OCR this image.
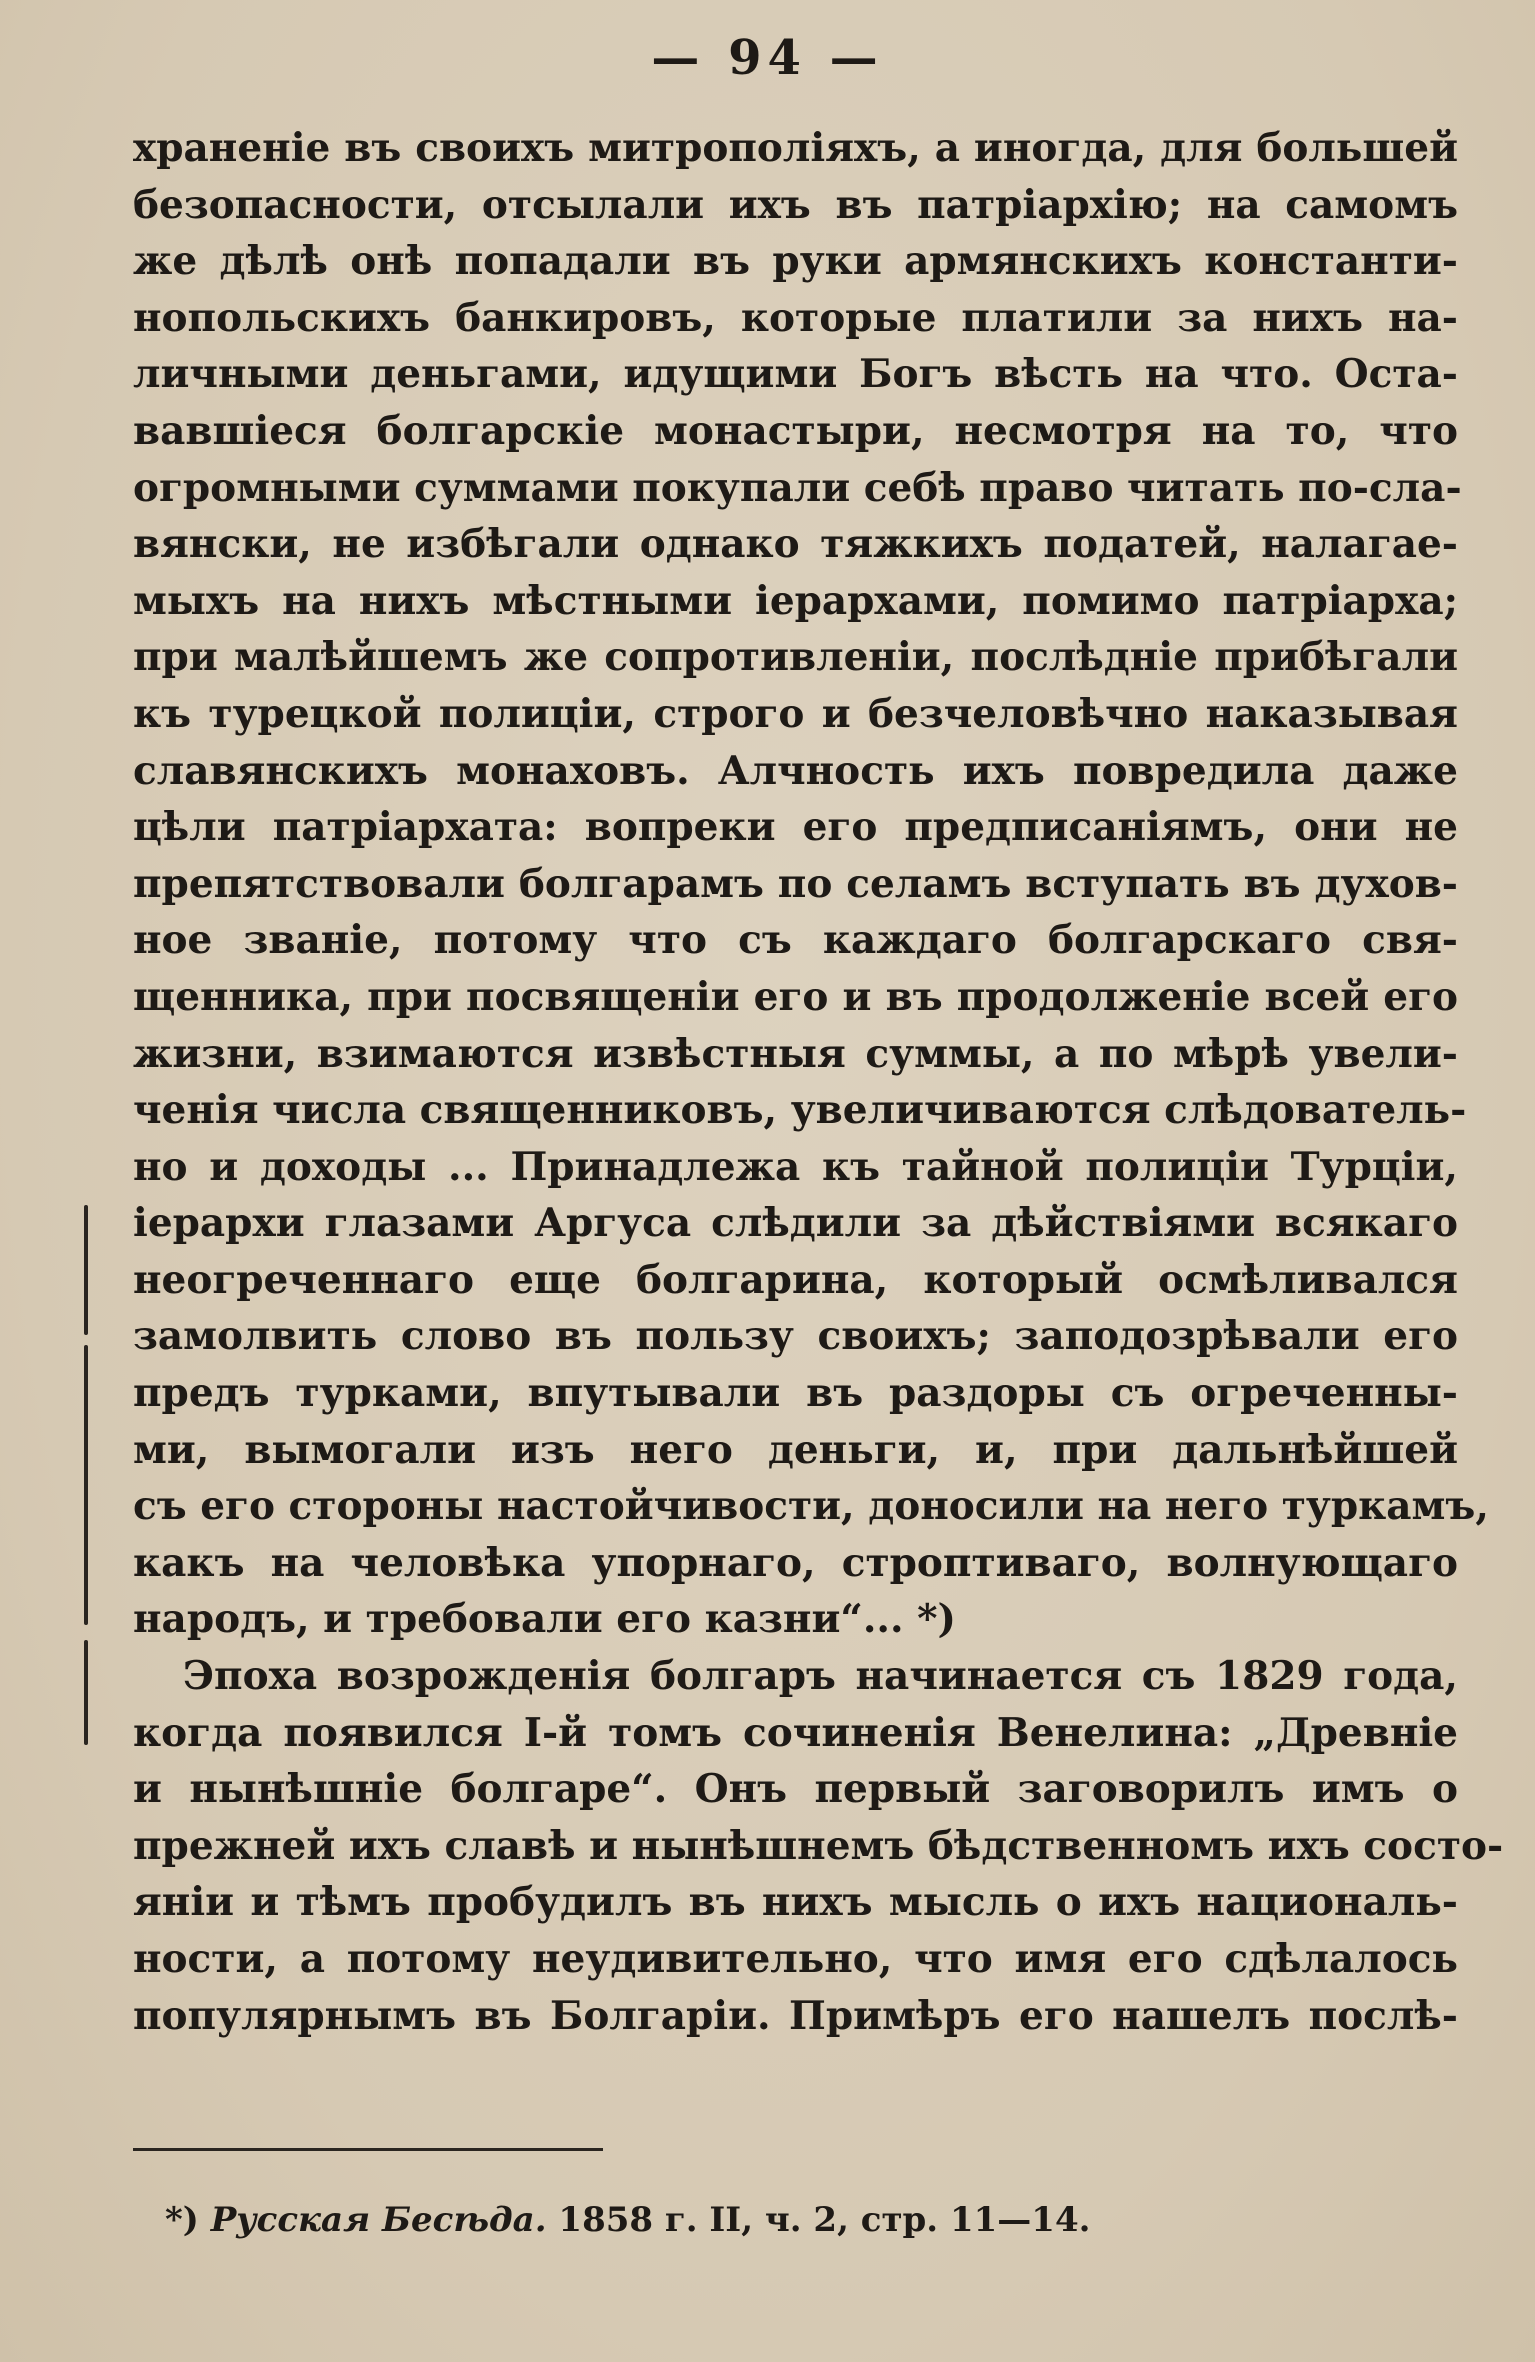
— 94 —
храненіе въ своихъ митрополіяхъ, а иногда, для большей
безопасности, отсылали ихъ въ патріархію; на самомъ
же дѣлѣ онѣ попадали въ руки армянскихъ константи-
нопольскихъ банкировъ, которые платили за нихъ на-
личными деньгами, идущими Богъ вѣсть на что. Оста-
вавшіеся болгарскіе монастыри, несмотря на то, что
огромными суммами покупали себѣ право читать по-сла-
вянски, не избѣгали однако тяжкихъ податей, налагае-
мыхъ на нихъ мѣстными іерархами, помимо патріарха;
при малѣйшемъ же сопротивленіи, послѣдніе прибѣгали
къ турецкой полиціи, строго и безчеловѣчно наказывая
славянскихъ монаховъ. Алчность ихъ повредила даже
цѣли патріархата: вопреки его предписаніямъ, они не
препятствовали болгарамъ по селамъ вступать въ духов-
ное званіе, потому что съ каждаго болгарскаго свя-
щенника, при посвященіи его и въ продолженіе всей его
жизни, взимаются извѣстныя суммы, а по мѣрѣ увели-
ченія числа священниковъ, увеличиваются слѣдователь-
но и доходы ... Принадлежа къ тайной полиціи Турціи,
іерархи глазами Аргуса слѣдили за дѣйствіями всякаго
неогреченнаго еще болгарина, который осмѣливался
замолвить слово въ пользу своихъ; заподозрѣвали его
предъ турками, впутывали въ раздоры съ огреченны-
ми, вымогали изъ него деньги, и, при дальнѣйшей
съ его стороны настойчивости, доносили на него туркамъ,
какъ на человѣка упорнаго, строптиваго, волнующаго
народъ, и требовали его казни“... *)
Эпоха возрожденія болгаръ начинается съ 1829 года,
когда появился І-й томъ сочиненія Венелина: „Древніе
и нынѣшніе болгаре“. Онъ первый заговорилъ имъ о
прежней ихъ славѣ и нынѣшнемъ бѣдственномъ ихъ состо-
яніи и тѣмъ пробудилъ въ нихъ мысль о ихъ националь-
ности, а потому неудивительно, что имя его сдѣлалось
популярнымъ въ Болгаріи. Примѣръ его нашелъ послѣ-
*) Русская Бесѣда. 1858 г. II, ч. 2, стр. 11—14.
